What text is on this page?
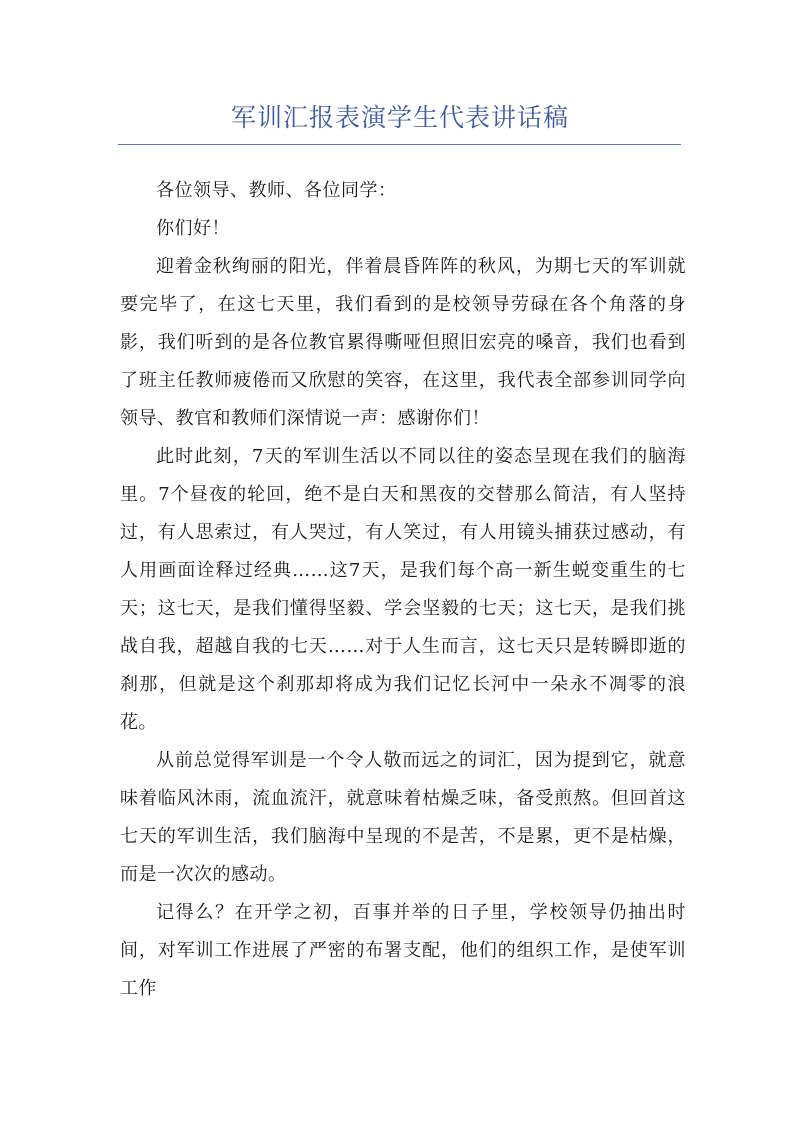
军训汇报表演学生代表讲话稿

各位领导、教师、各位同学：

你们好！

迎着金秋绚丽的阳光，伴着晨昏阵阵的秋风，为期七天的军训就要完毕了，在这七天里，我们看到的是校领导劳碌在各个角落的身影，我们听到的是各位教官累得嘶哑但照旧宏亮的嗓音，我们也看到了班主任教师疲倦而又欣慰的笑容，在这里，我代表全部参训同学向领导、教官和教师们深情说一声：感谢你们！

此时此刻，7天的军训生活以不同以往的姿态呈现在我们的脑海里。7个昼夜的轮回，绝不是白天和黑夜的交替那么简洁，有人坚持过，有人思索过，有人哭过，有人笑过，有人用镜头捕获过感动，有人用画面诠释过经典……这7天，是我们每个高一新生蜕变重生的七天；这七天，是我们懂得坚毅、学会坚毅的七天；这七天，是我们挑战自我，超越自我的七天……对于人生而言，这七天只是转瞬即逝的刹那，但就是这个刹那却将成为我们记忆长河中一朵永不凋零的浪花。

从前总觉得军训是一个令人敬而远之的词汇，因为提到它，就意味着临风沐雨，流血流汗，就意味着枯燥乏味，备受煎熬。但回首这七天的军训生活，我们脑海中呈现的不是苦，不是累，更不是枯燥，而是一次次的感动。

记得么？在开学之初，百事并举的日子里，学校领导仍抽出时间，对军训工作进展了严密的布署支配，他们的组织工作，是使军训工作
